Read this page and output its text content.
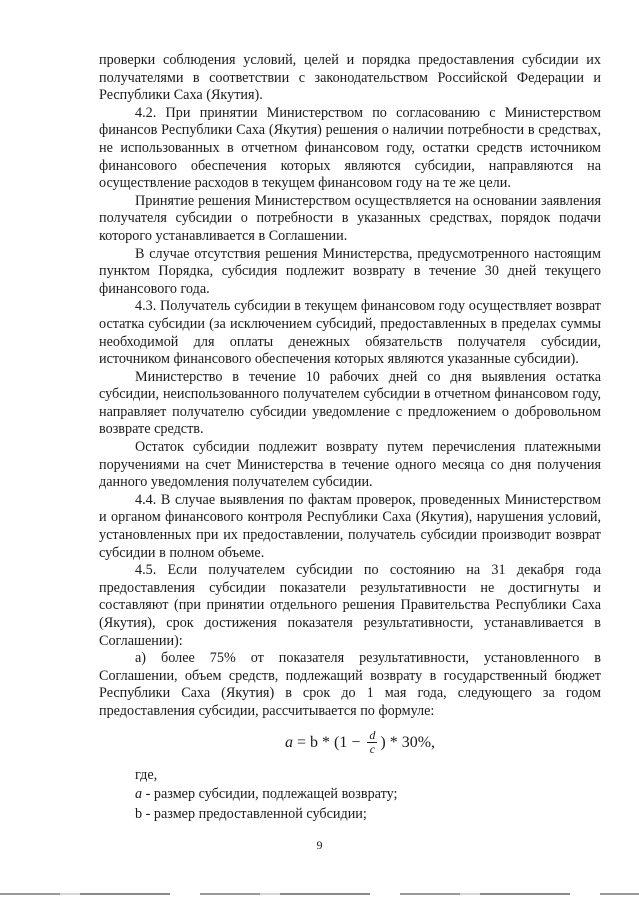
проверки соблюдения условий, целей и порядка предоставления субсидии их получателями в соответствии с законодательством Российской Федерации и Республики Саха (Якутия).

4.2. При принятии Министерством по согласованию с Министерством финансов Республики Саха (Якутия) решения о наличии потребности в средствах, не использованных в отчетном финансовом году, остатки средств источником финансового обеспечения которых являются субсидии, направляются на осуществление расходов в текущем финансовом году на те же цели.

Принятие решения Министерством осуществляется на основании заявления получателя субсидии о потребности в указанных средствах, порядок подачи которого устанавливается в Соглашении.

В случае отсутствия решения Министерства, предусмотренного настоящим пунктом Порядка, субсидия подлежит возврату в течение 30 дней текущего финансового года.

4.3. Получатель субсидии в текущем финансовом году осуществляет возврат остатка субсидии (за исключением субсидий, предоставленных в пределах суммы необходимой для оплаты денежных обязательств получателя субсидии, источником финансового обеспечения которых являются указанные субсидии).

Министерство в течение 10 рабочих дней со дня выявления остатка субсидии, неиспользованного получателем субсидии в отчетном финансовом году, направляет получателю субсидии уведомление с предложением о добровольном возврате средств.

Остаток субсидии подлежит возврату путем перечисления платежными поручениями на счет Министерства в течение одного месяца со дня получения данного уведомления получателем субсидии.

4.4. В случае выявления по фактам проверок, проведенных Министерством и органом финансового контроля Республики Саха (Якутия), нарушения условий, установленных при их предоставлении, получатель субсидии производит возврат субсидии в полном объеме.

4.5. Если получателем субсидии по состоянию на 31 декабря года предоставления субсидии показатели результативности не достигнуты и составляют (при принятии отдельного решения Правительства Республики Саха (Якутия), срок достижения показателя результативности, устанавливается в Соглашении):

а) более 75% от показателя результативности, установленного в Соглашении, объем средств, подлежащий возврату в государственный бюджет Республики Саха (Якутия) в срок до 1 мая года, следующего за годом предоставления субсидии, рассчитывается по формуле:

$a = b * (1 - \frac{d}{c}$ ) * 30%,

где,

a - размер субсидии, подлежащей возврату;

b - размер предоставленной субсидии;

9
